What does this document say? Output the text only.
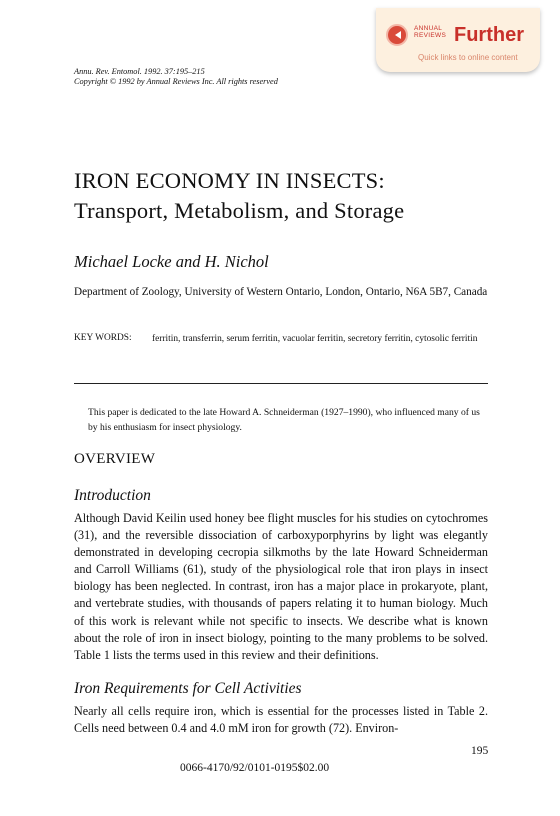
ANNUAL
REVIEWS Further
Quick links to online content
Annu. Rev. Entomol. 1992. 37:195–215
Copyright © 1992 by Annual Reviews Inc. All rights reserved
IRON ECONOMY IN INSECTS:
Transport, Metabolism, and Storage
Michael Locke and H. Nichol
Department of Zoology, University of Western Ontario, London, Ontario, N6A 5B7, Canada
KEY WORDS: ferritin, transferrin, serum ferritin, vacuolar ferritin, secretory ferritin, cytosolic ferritin
This paper is dedicated to the late Howard A. Schneiderman (1927–1990), who influenced many of us by his enthusiasm for insect physiology.
OVERVIEW
Introduction
Although David Keilin used honey bee flight muscles for his studies on cytochromes (31), and the reversible dissociation of carboxyporphyrins by light was elegantly demonstrated in developing cecropia silkmoths by the late Howard Schneiderman and Carroll Williams (61), study of the physiological role that iron plays in insect biology has been neglected. In contrast, iron has a major place in prokaryote, plant, and vertebrate studies, with thousands of papers relating it to human biology. Much of this work is relevant while not specific to insects. We describe what is known about the role of iron in insect biology, pointing to the many problems to be solved. Table 1 lists the terms used in this review and their definitions.
Iron Requirements for Cell Activities
Nearly all cells require iron, which is essential for the processes listed in Table 2. Cells need between 0.4 and 4.0 mM iron for growth (72). Environ-
195
0066-4170/92/0101-0195$02.00
